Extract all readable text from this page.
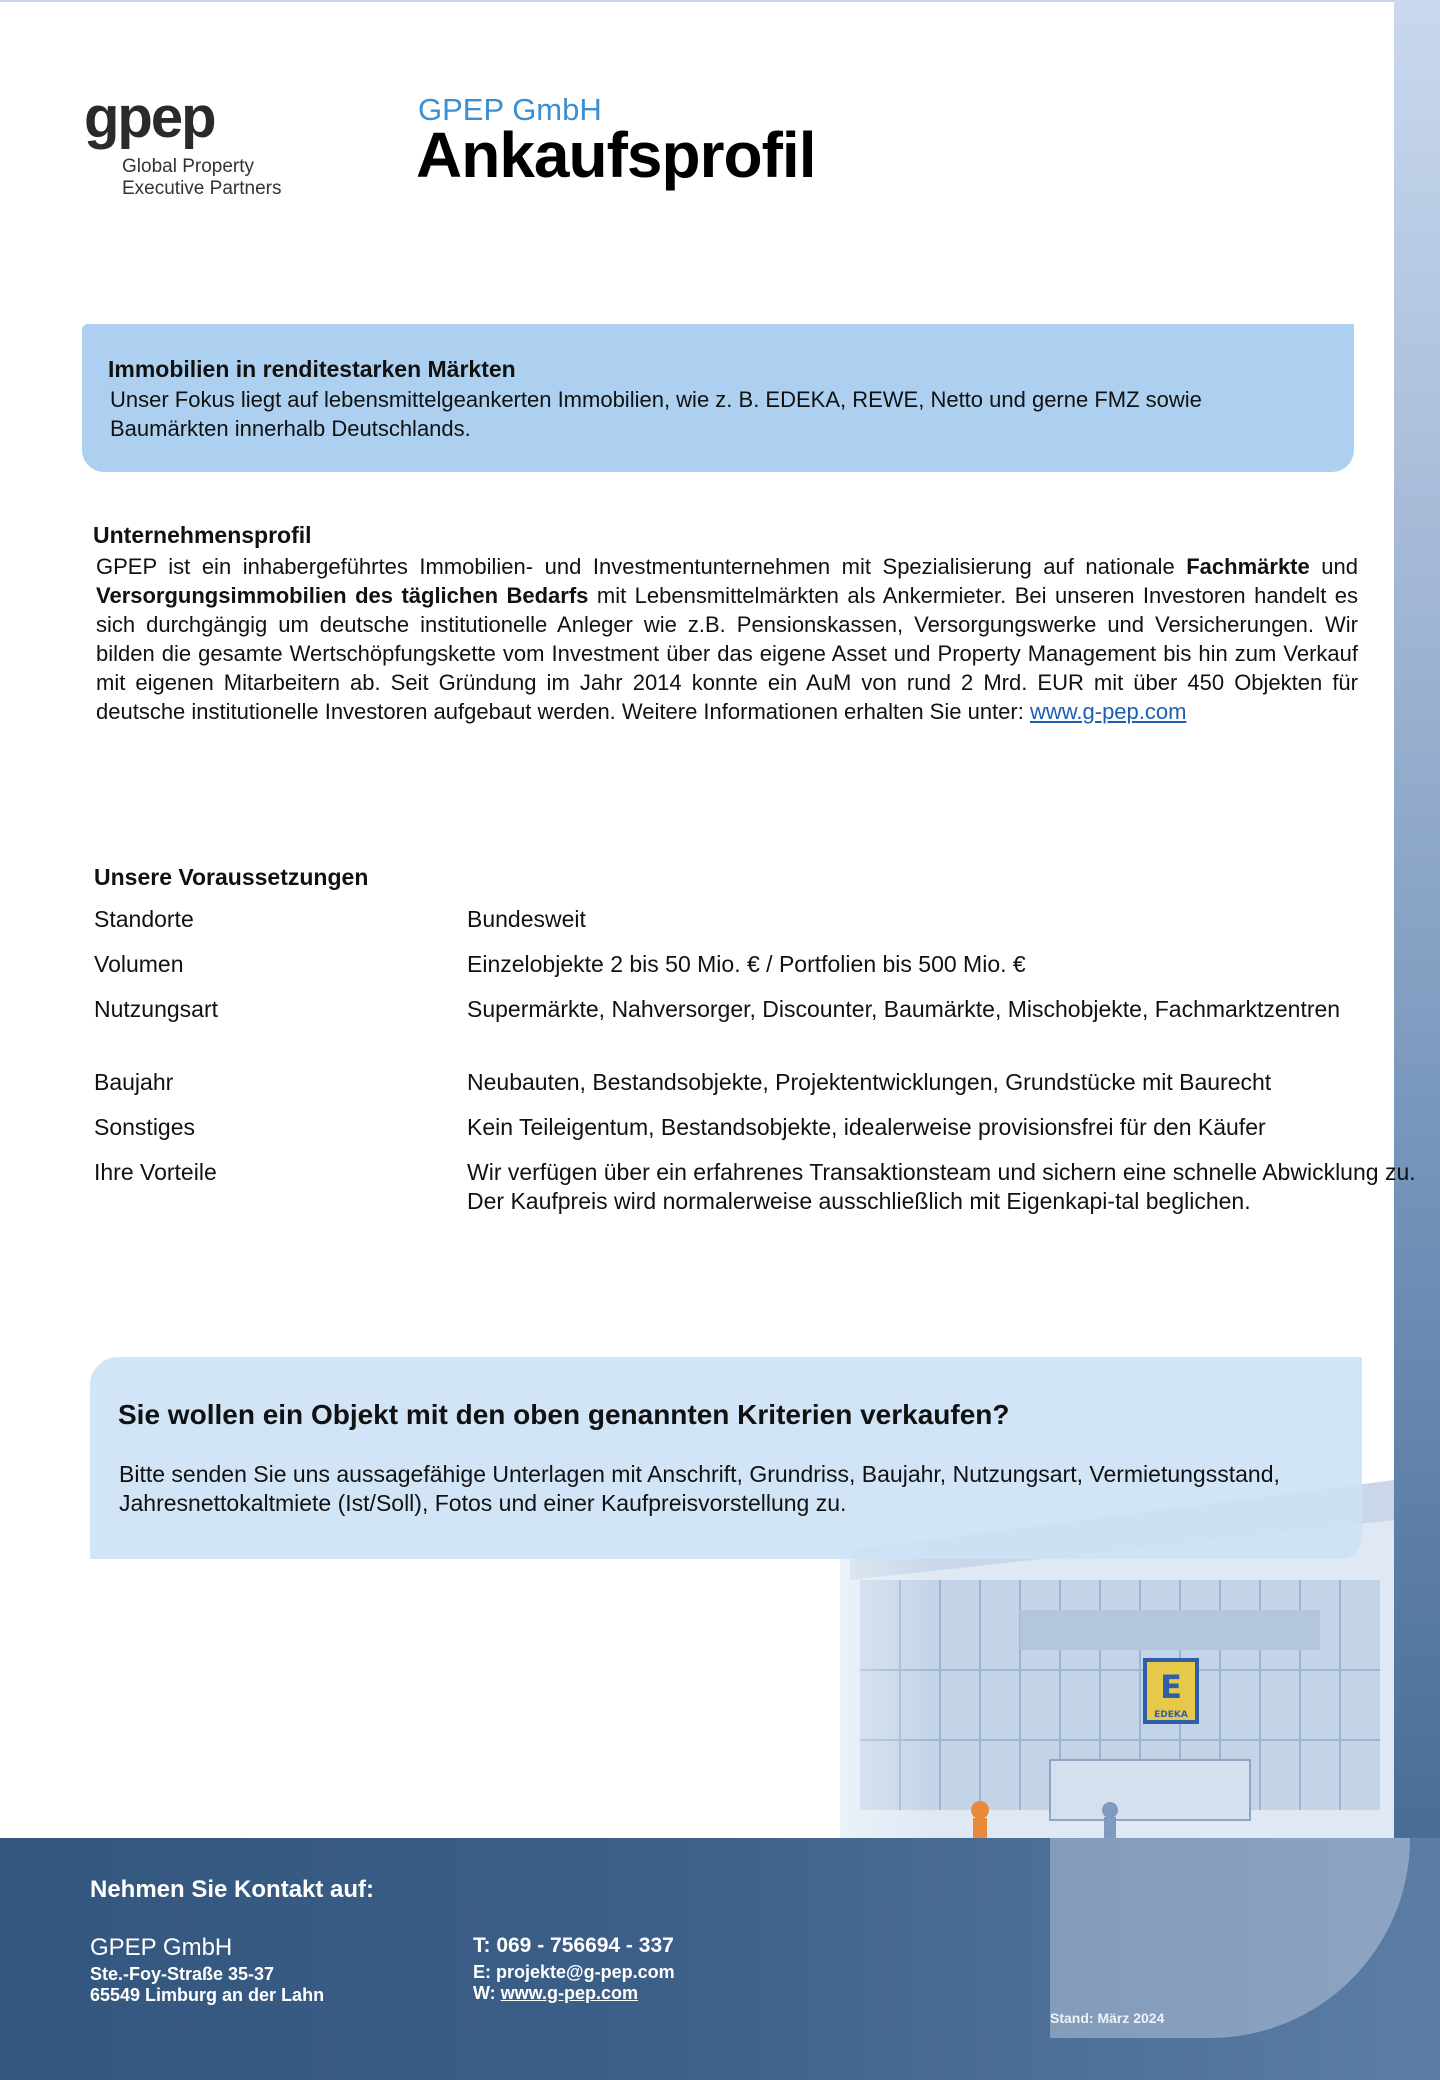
gpep
Global Property
Executive Partners
GPEP GmbH
Ankaufsprofil
Immobilien in renditestarken Märkten
Unser Fokus liegt auf lebensmittelgeankerten Immobilien, wie z. B. EDEKA, REWE, Netto und gerne FMZ sowie Baumärkten innerhalb Deutschlands.
Unternehmensprofil
GPEP ist ein inhabergeführtes Immobilien- und Investmentunternehmen mit Spezialisierung auf nationale Fachmärkte und Versorgungsimmobilien des täglichen Bedarfs mit Lebensmittelmärkten als Ankermieter. Bei unseren Investoren handelt es sich durchgängig um deutsche institutionelle Anleger wie z.B. Pensionskassen, Versorgungswerke und Versicherungen. Wir bilden die gesamte Wertschöpfungskette vom Investment über das eigene Asset und Property Management bis hin zum Verkauf mit eigenen Mitarbeitern ab. Seit Gründung im Jahr 2014 konnte ein AuM von rund 2 Mrd. EUR mit über 450 Objekten für deutsche institutionelle Investoren aufgebaut werden. Weitere Informationen erhalten Sie unter: www.g-pep.com
Unsere Voraussetzungen
Standorte	Bundesweit
Volumen	Einzelobjekte 2 bis 50 Mio. € / Portfolien bis 500 Mio. €
Nutzungsart	Supermärkte, Nahversorger, Discounter, Baumärkte, Mischobjekte, Fachmarktzentren
Baujahr	Neubauten, Bestandsobjekte, Projektentwicklungen, Grundstücke mit Baurecht
Sonstiges	Kein Teileigentum, Bestandsobjekte, idealerweise provisionsfrei für den Käufer
Ihre Vorteile	Wir verfügen über ein erfahrenes Transaktionsteam und sichern eine schnelle Abwicklung zu. Der Kaufpreis wird normalerweise ausschließlich mit Eigenkapi-tal beglichen.
Sie wollen ein Objekt mit den oben genannten Kriterien verkaufen?
Bitte senden Sie uns aussagefähige Unterlagen mit Anschrift, Grundriss, Baujahr, Nutzungsart, Vermietungsstand, Jahresnettokaltmiete (Ist/Soll), Fotos und einer Kaufpreisvorstellung zu.
Nehmen Sie Kontakt auf:
GPEP GmbH
Ste.-Foy-Straße 35-37
65549 Limburg an der Lahn
T: 069 - 756694 - 337
E: projekte@g-pep.com
W: www.g-pep.com
Stand: März 2024
